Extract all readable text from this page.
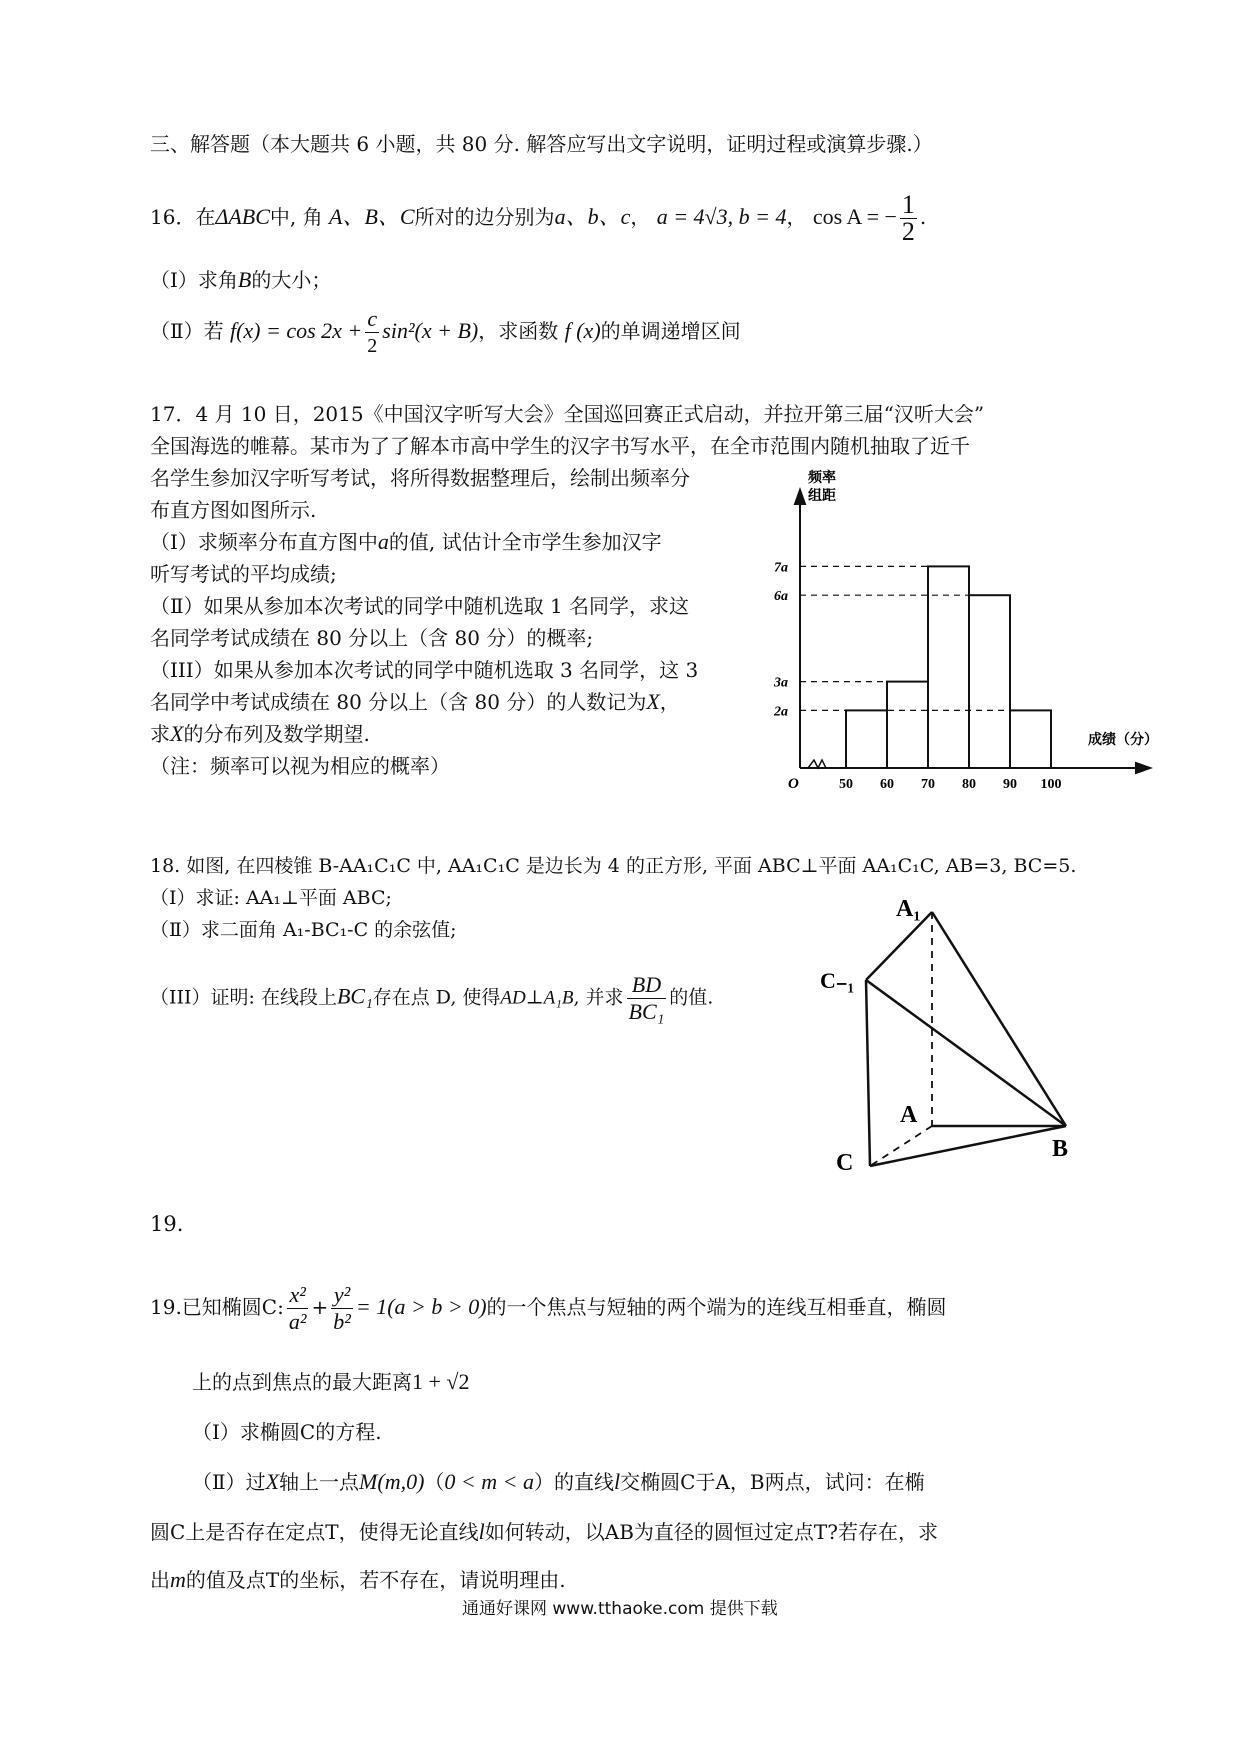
三、解答题（本大题共 6 小题，共 80 分. 解答应写出文字说明，证明过程或演算步骤.）
16．在ΔABC中, 角 A、B、C所对的边分别为a、b、c， a = 4√3, b = 4， cos A = − $\frac{1}{2}$ .
（Ⅰ）求角B的大小；
（Ⅱ）若 $f(x) = \cos 2x + \frac{c}{2} \sin^2(x + B)$，求函数 f (x)的单调递增区间
17．4 月 10 日，2015《中国汉字听写大会》全国巡回赛正式启动，并拉开第三届“汉听大会”
全国海选的帷幕。某市为了了解本市高中学生的汉字书写水平，在全市范围内随机抽取了近千
名学生参加汉字听写考试，将所得数据整理后，绘制出频率分
布直方图如图所示.
（Ⅰ）求频率分布直方图中a的值, 试估计全市学生参加汉字
听写考试的平均成绩;
（Ⅱ）如果从参加本次考试的同学中随机选取 1 名同学，求这
名同学考试成绩在 80 分以上（含 80 分）的概率;
（III）如果从参加本次考试的同学中随机选取 3 名同学，这 3
名同学中考试成绩在 80 分以上（含 80 分）的人数记为X，
求X的分布列及数学期望.
（注：频率可以视为相应的概率）
2a
3a
6a
7a
50 60 70 80 90 100
频率
组距
成绩（分）
O
18. 如图, 在四棱锥 B-AA₁C₁C 中, AA₁C₁C 是边长为 4 的正方形, 平面 ABC⊥平面 AA₁C₁C, AB=3, BC=5.
（Ⅰ）求证: AA₁⊥平面 ABC;
（Ⅱ）求二面角 A₁-BC₁-C 的余弦值;
（III）证明: 在线段上BC₁存在点 D, 使得AD⊥A₁B, 并求 $\frac{BD}{\text{BC₁}}$ 的值.
A₁
C₋₁
A
B
C
19.
19.已知椭圆C: $\frac{\text{x²}}{\text{a²}} + \frac{\text{y²}}{\text{b²}} = 1(a > b > 0)$的一个焦点与短轴的两个端为的连线互相垂直，椭圆
上的点到焦点的最大距离1 + √2
（Ⅰ）求椭圆C的方程.
（Ⅱ）过X轴上一点M(m,0)（0 < m < a）的直线l交椭圆C于A，B两点，试问：在椭
圆C上是否存在定点T，使得无论直线l如何转动，以AB为直径的圆恒过定点T?若存在，求
出m的值及点T的坐标，若不存在，请说明理由.
通通好课网 www.tthaoke.com 提供下载
